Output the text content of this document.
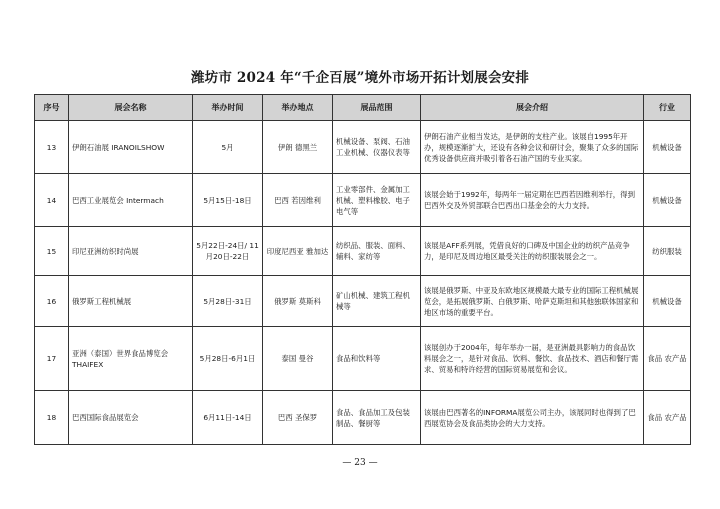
潍坊市 2024 年“千企百展”境外市场开拓计划展会安排
序号	展会名称	举办时间	举办地点	展品范围	展会介绍	行业
13	伊朗石油展 IRANOILSHOW	5月	伊朗 德黑兰	机械设备、泵阀、石油工业机械、仪器仪表等	伊朗石油产业相当发达，是伊朗的支柱产业。该展自1995年开办，规模逐渐扩大，还设有各种会议和研讨会，聚集了众多的国际优秀设备供应商并吸引着各石油产国的专业买家。	机械设备
14	巴西工业展览会 Intermach	5月15日-18日	巴西 若因维利	工业零部件、金属加工机械、塑料橡胶、电子电气等	该展会始于1992年，每两年一届定期在巴西若因维利举行，得到巴西外交及外贸部联合巴西出口基金会的大力支持。	机械设备
15	印尼亚洲纺织时尚展	5月22日-24日/ 11月20日-22日	印度尼西亚 雅加达	纺织品、服装、面料、辅料、家纺等	该展是AFF系列展，凭借良好的口碑及中国企业的纺织产品竞争力，是印尼及周边地区最受关注的纺织服装展会之一。	纺织服装
16	俄罗斯工程机械展	5月28日-31日	俄罗斯 莫斯科	矿山机械、建筑工程机械等	该展是俄罗斯、中亚及东欧地区规模最大最专业的国际工程机械展览会，是拓展俄罗斯、白俄罗斯、哈萨克斯坦和其他独联体国家和地区市场的重要平台。	机械设备
17	亚洲（泰国）世界食品博览会 THAIFEX	5月28日-6月1日	泰国 曼谷	食品和饮料等	该展创办于2004年，每年举办一届，是亚洲最具影响力的食品饮料展会之一，是针对食品、饮料、餐饮、食品技术、酒店和餐厅需求、贸易和特许经营的国际贸易展览和会议。	食品 农产品
18	巴西国际食品展览会	6月11日-14日	巴西 圣保罗	食品、食品加工及包装制品、餐厨等	该展由巴西著名的INFORMA展览公司主办，该展同时也得到了巴西展览协会及食品类协会的大力支持。	食品 农产品
— 23 —
